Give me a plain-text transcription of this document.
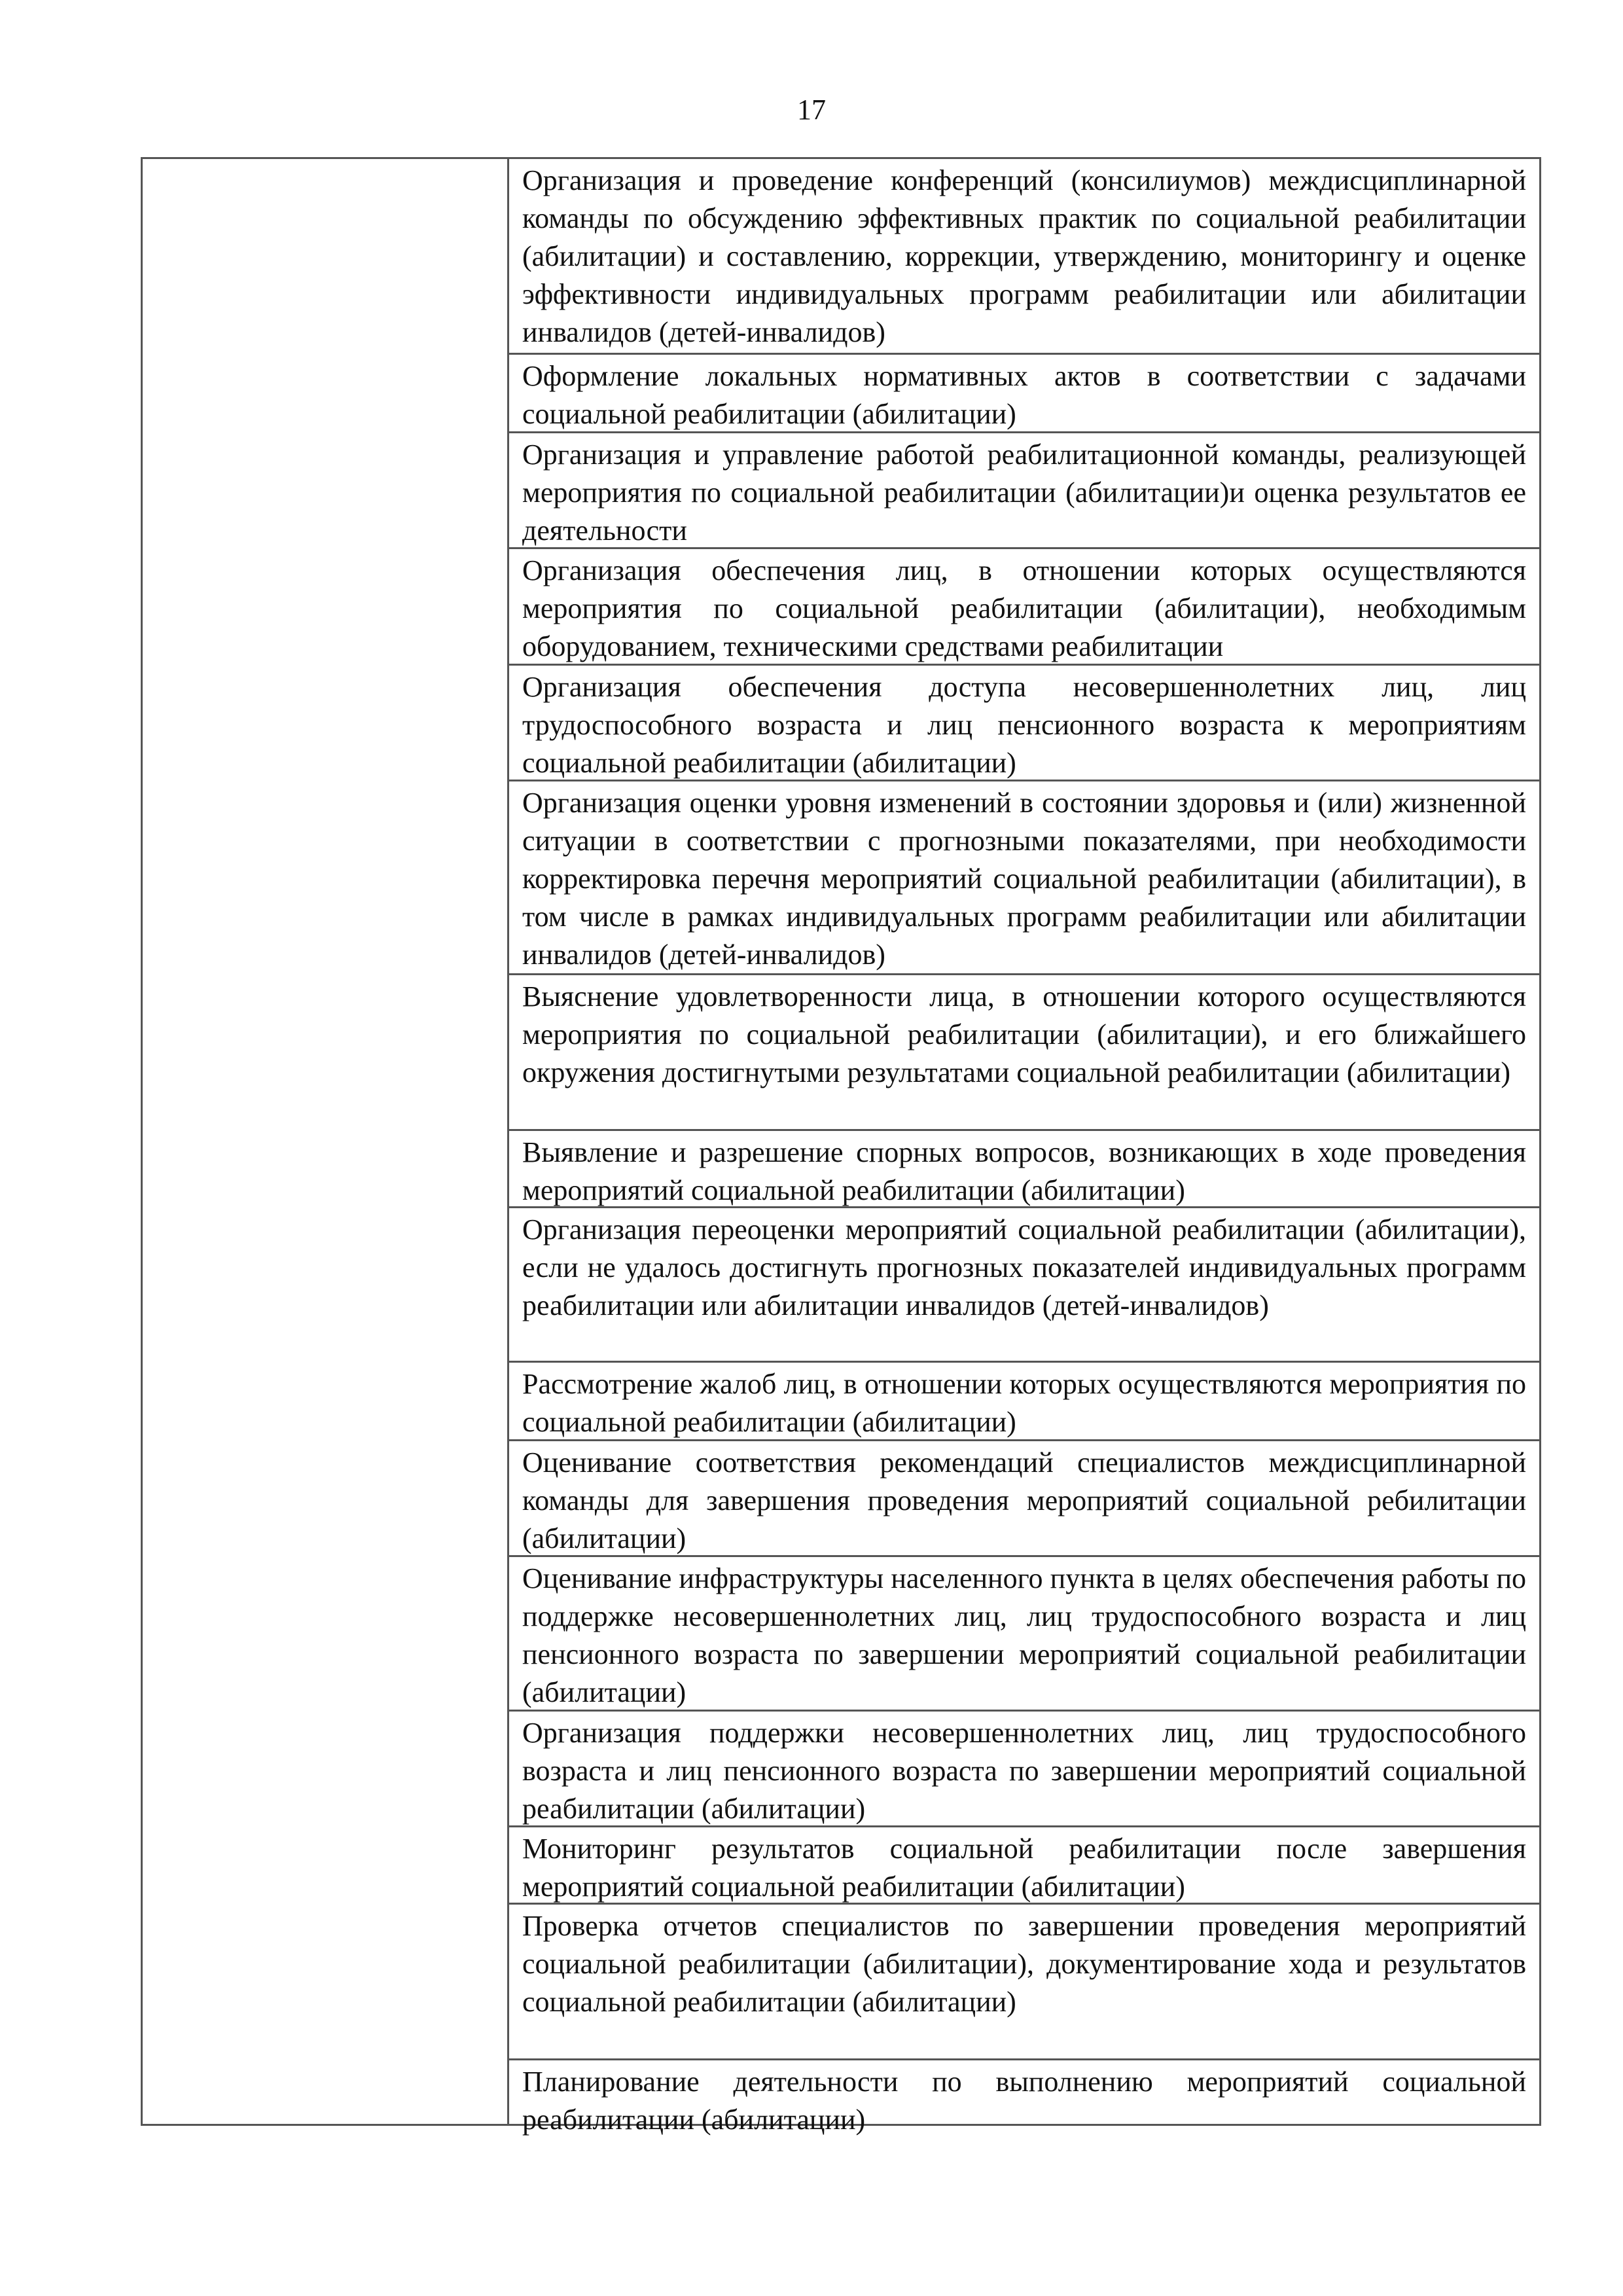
17
Организация и проведение конференций (консилиумов) междисциплинарной команды по обсуждению эффективных практик по социальной реабилитации (абилитации) и составлению, коррекции, утверждению, мониторингу и оценке эффективности индивидуальных программ реабилитации или абилитации инвалидов (детей-инвалидов)
Оформление локальных нормативных актов в соответствии с задачами социальной реабилитации (абилитации)
Организация и управление работой реабилитационной команды, реализующей мероприятия по социальной реабилитации (абилитации)и оценка результатов ее деятельности
Организация обеспечения лиц, в отношении которых осуществляются мероприятия по социальной реабилитации (абилитации), необходимым оборудованием, техническими средствами реабилитации
Организация обеспечения доступа несовершеннолетних лиц, лиц трудоспособного возраста и лиц пенсионного возраста к мероприятиям социальной реабилитации (абилитации)
Организация оценки уровня изменений в состоянии здоровья и (или) жизненной ситуации в соответствии с прогнозными показателями, при необходимости корректировка перечня мероприятий социальной реабилитации (абилитации), в том числе в рамках индивидуальных программ реабилитации или абилитации инвалидов (детей-инвалидов)
Выяснение удовлетворенности лица, в отношении которого осуществляются мероприятия по социальной реабилитации (абилитации), и его ближайшего окружения достигнутыми результатами социальной реабилитации (абилитации)
Выявление и разрешение спорных вопросов, возникающих в ходе проведения мероприятий социальной реабилитации (абилитации)
Организация переоценки мероприятий социальной реабилитации (абилитации), если не удалось достигнуть прогнозных показателей индивидуальных программ реабилитации или абилитации инвалидов (детей-инвалидов)
Рассмотрение жалоб лиц, в отношении которых осуществляются мероприятия по социальной реабилитации (абилитации)
Оценивание соответствия рекомендаций специалистов междисциплинарной команды для завершения проведения мероприятий социальной ребилитации (абилитации)
Оценивание инфраструктуры населенного пункта в целях обеспечения работы по поддержке несовершеннолетних лиц, лиц трудоспособного возраста и лиц пенсионного возраста по завершении мероприятий социальной реабилитации (абилитации)
Организация поддержки несовершеннолетних лиц, лиц трудоспособного возраста и лиц пенсионного возраста по завершении мероприятий социальной реабилитации (абилитации)
Мониторинг результатов социальной реабилитации после завершения мероприятий социальной реабилитации (абилитации)
Проверка отчетов специалистов по завершении проведения мероприятий социальной реабилитации (абилитации), документирование хода и результатов социальной реабилитации (абилитации)
Планирование деятельности по выполнению мероприятий социальной реабилитации (абилитации)
